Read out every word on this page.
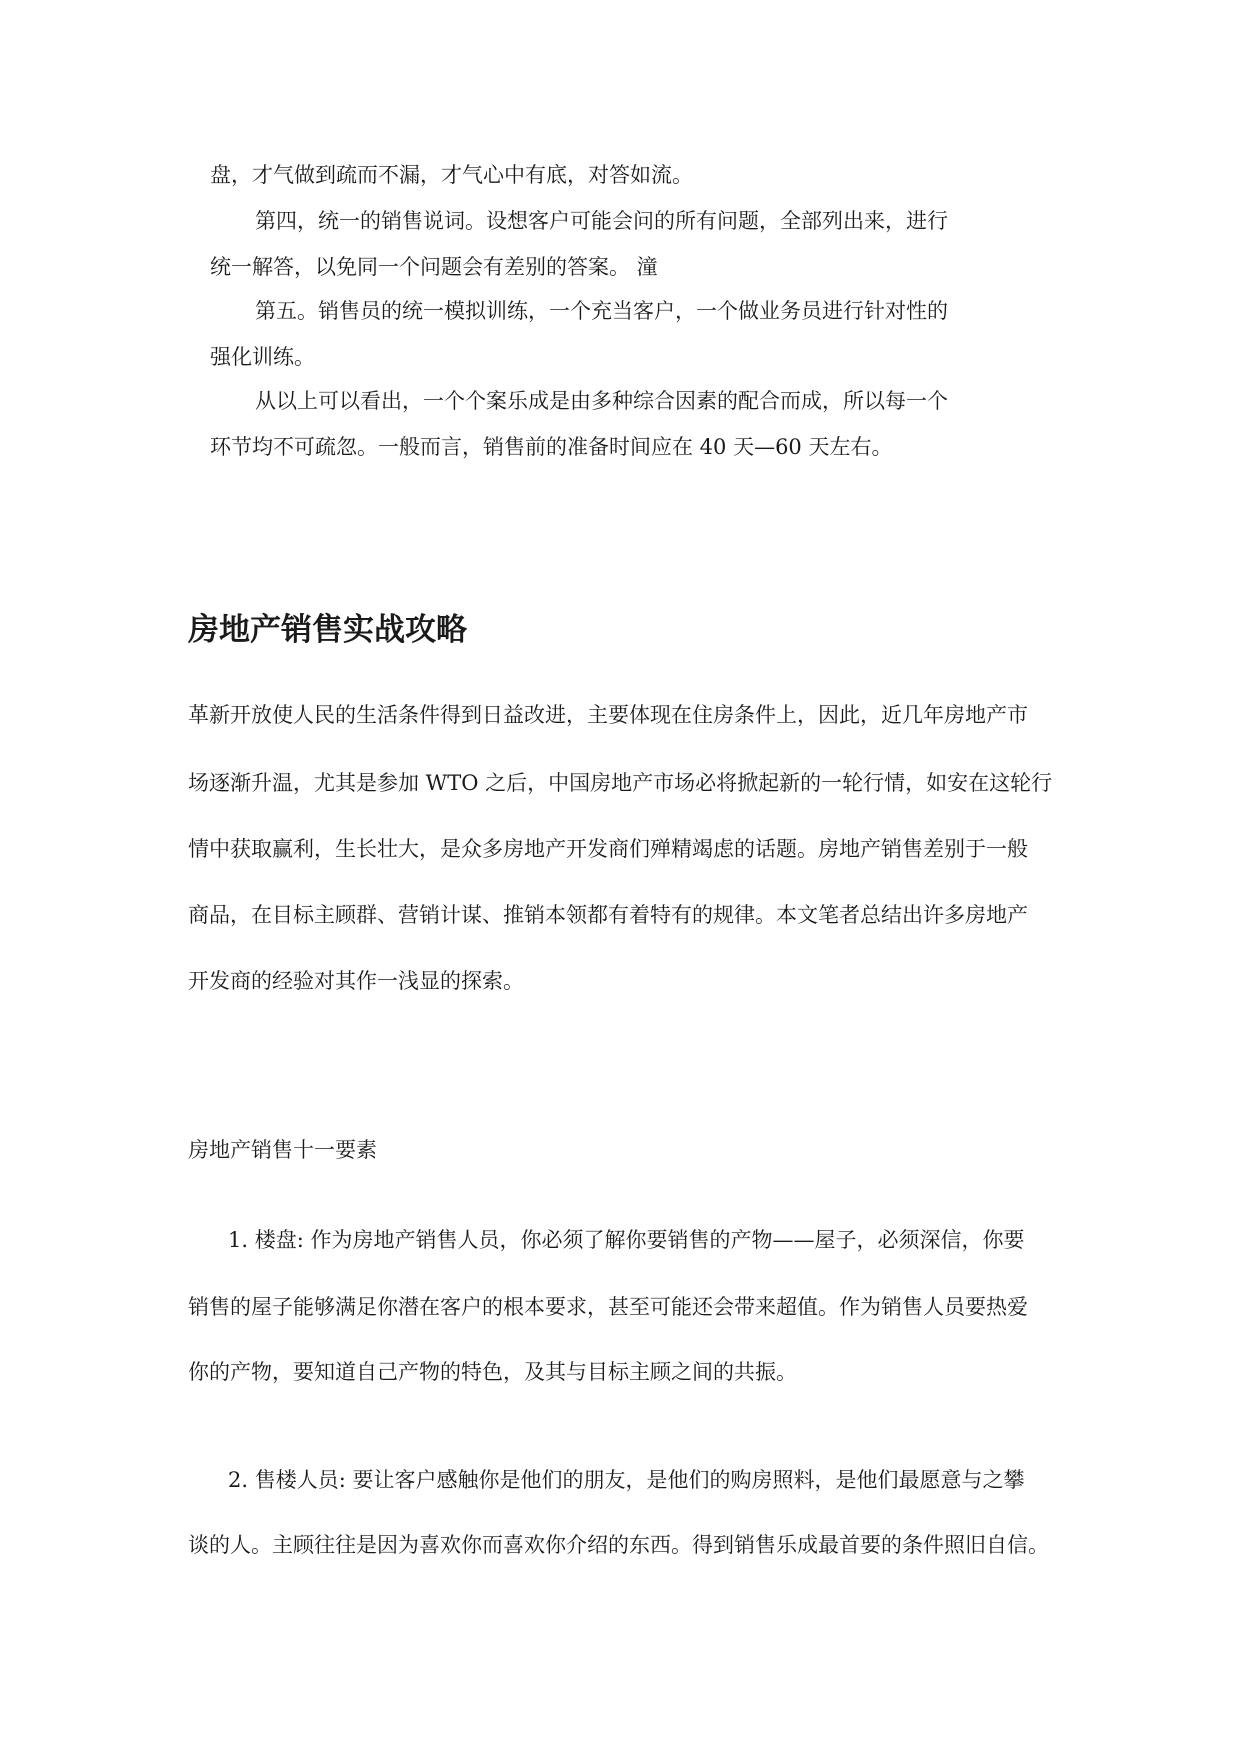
盘，才气做到疏而不漏，才气心中有底，对答如流。
第四，统一的销售说词。设想客户可能会问的所有问题，全部列出来，进行
统一解答，以免同一个问题会有差别的答案。 潼
第五。销售员的统一模拟训练，一个充当客户，一个做业务员进行针对性的
强化训练。
从以上可以看出，一个个案乐成是由多种综合因素的配合而成，所以每一个
环节均不可疏忽。一般而言，销售前的准备时间应在 40 天—60 天左右。
房地产销售实战攻略
革新开放使人民的生活条件得到日益改进，主要体现在住房条件上，因此，近几年房地产市
场逐渐升温，尤其是参加 WTO 之后，中国房地产市场必将掀起新的一轮行情，如安在这轮行
情中获取赢利，生长壮大，是众多房地产开发商们殚精竭虑的话题。房地产销售差别于一般
商品，在目标主顾群、营销计谋、推销本领都有着特有的规律。本文笔者总结出许多房地产
开发商的经验对其作一浅显的探索。
房地产销售十一要素
1. 楼盘: 作为房地产销售人员，你必须了解你要销售的产物——屋子，必须深信，你要
销售的屋子能够满足你潜在客户的根本要求，甚至可能还会带来超值。作为销售人员要热爱
你的产物，要知道自己产物的特色，及其与目标主顾之间的共振。
2. 售楼人员: 要让客户感触你是他们的朋友，是他们的购房照料，是他们最愿意与之攀
谈的人。主顾往往是因为喜欢你而喜欢你介绍的东西。得到销售乐成最首要的条件照旧自信。
